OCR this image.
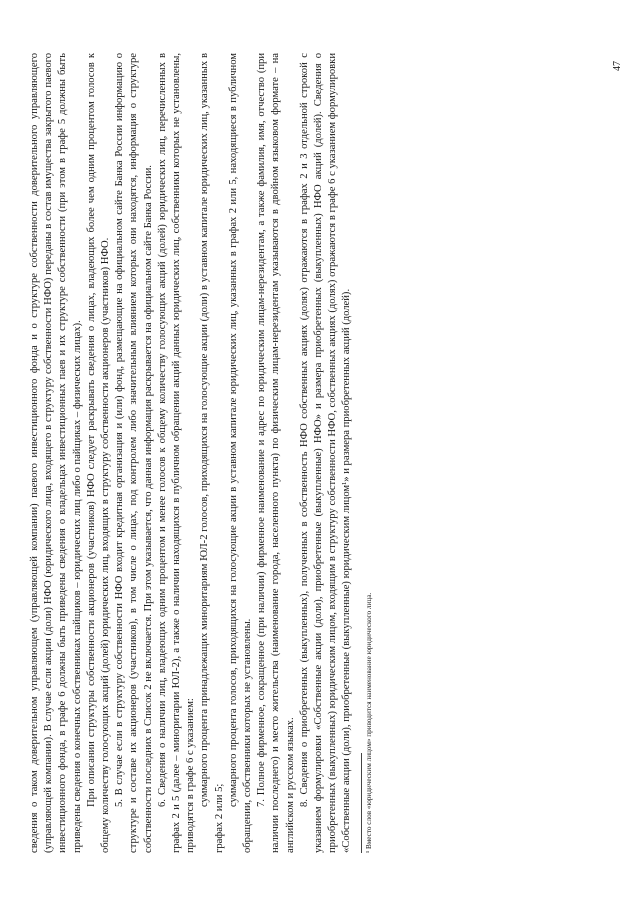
47

сведения о таком доверительном управляющем (управляющей компании) паевого инвестиционного фонда и о структуре собственности доверительного управляющего (управляющей компании). В случае если акции (доли) НФО (юридического лица, входящего в структуру собственности НФО) переданы в состав имущества закрытого паевого инвестиционного фонда, в графе 6 должны быть приведены сведения о владельцах инвестиционных паев и их структуре собственности (при этом в графе 5 должны быть приведены сведения о конечных собственниках пайщиков – юридических лиц либо о пайщиках – физических лицах). При описании структуры собственности акционеров (участников) НФО следует раскрывать сведения о лицах, владеющих более чем одним процентом голосов к общему количеству голосующих акций (долей) юридических лиц, входящих в структуру собственности акционеров (участников) НФО. 5. В случае если в структуру собственности НФО входит кредитная организация и (или) фонд, размещающие на официальном сайте Банка России информацию о структуре и составе их акционеров (участников), в том числе о лицах, под контролем либо значительным влиянием которых они находятся, информация о структуре собственности последних в Список 2 не включается. При этом указывается, что данная информация раскрывается на официальном сайте Банка России. 6. Сведения о наличии лиц, владеющих одним процентом и менее голосов к общему количеству голосующих акций (долей) юридических лиц, перечисленных в графах 2 и 5 (далее – миноритарии ЮЛ-2), а также о наличии находящихся в публичном обращении акций данных юридических лиц, собственники которых не установлены, приводятся в графе 6 с указанием: суммарного процента принадлежащих миноритариям ЮЛ-2 голосов, приходящихся на голосующие акции (доли) в уставном капитале юридических лиц, указанных в графах 2 или 5;

суммарного процента голосов, приходящихся на голосующие акции в уставном капитале юридических лиц, указанных в графах 2 или 5, находящиеся в публичном обращении, собственники которых не установлены. 7. Полное фирменное, сокращенное (при наличии) фирменное наименование и адрес по юридическим лицам-нерезидентам, а также фамилия, имя, отчество (при наличии последнего) и место жительства (наименование города, населенного пункта) по физическим лицам-нерезидентам указываются в двойном языковом формате – на английском и русском языках. 8. Сведения о приобретенных (выкупленных), полученных в собственность НФО собственных акциях (долях) отражаются в графах 2 и 3 отдельной строкой с указанием формулировки «Собственные акции (доли), приобретенные (выкупленные) НФО» и размера приобретенных (выкупленных) НФО акций (долей). Сведения о приобретенных (выкупленных) юридическим лицом, входящим в структуру собственности НФО, собственных акциях (долях) отражаются в графе 6 с указанием формулировки «Собственные акции (доли), приобретенные (выкупленные) юридическим лицом¹» и размера приобретенных акций (долей).	¹ Вместо слов «юридическим лицом» приводится наименование юридического лица.
